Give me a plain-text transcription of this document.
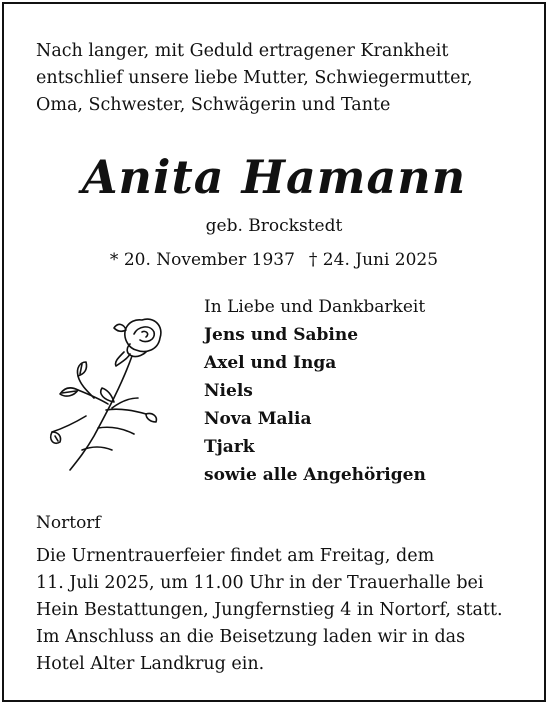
Nach langer, mit Geduld ertragener Krankheit
entschlief unsere liebe Mutter, Schwiegermutter,
Oma, Schwester, Schwägerin und Tante
Anita Hamann
geb. Brockstedt
* 20. November 1937 † 24. Juni 2025
In Liebe und Dankbarkeit
Jens und Sabine
Axel und Inga
Niels
Nova Malia
Tjark
sowie alle Angehörigen
Nortorf
Die Urnentrauerfeier findet am Freitag, dem
11. Juli 2025, um 11.00 Uhr in der Trauerhalle bei
Hein Bestattungen, Jungfernstieg 4 in Nortorf, statt.
Im Anschluss an die Beisetzung laden wir in das
Hotel Alter Landkrug ein.
